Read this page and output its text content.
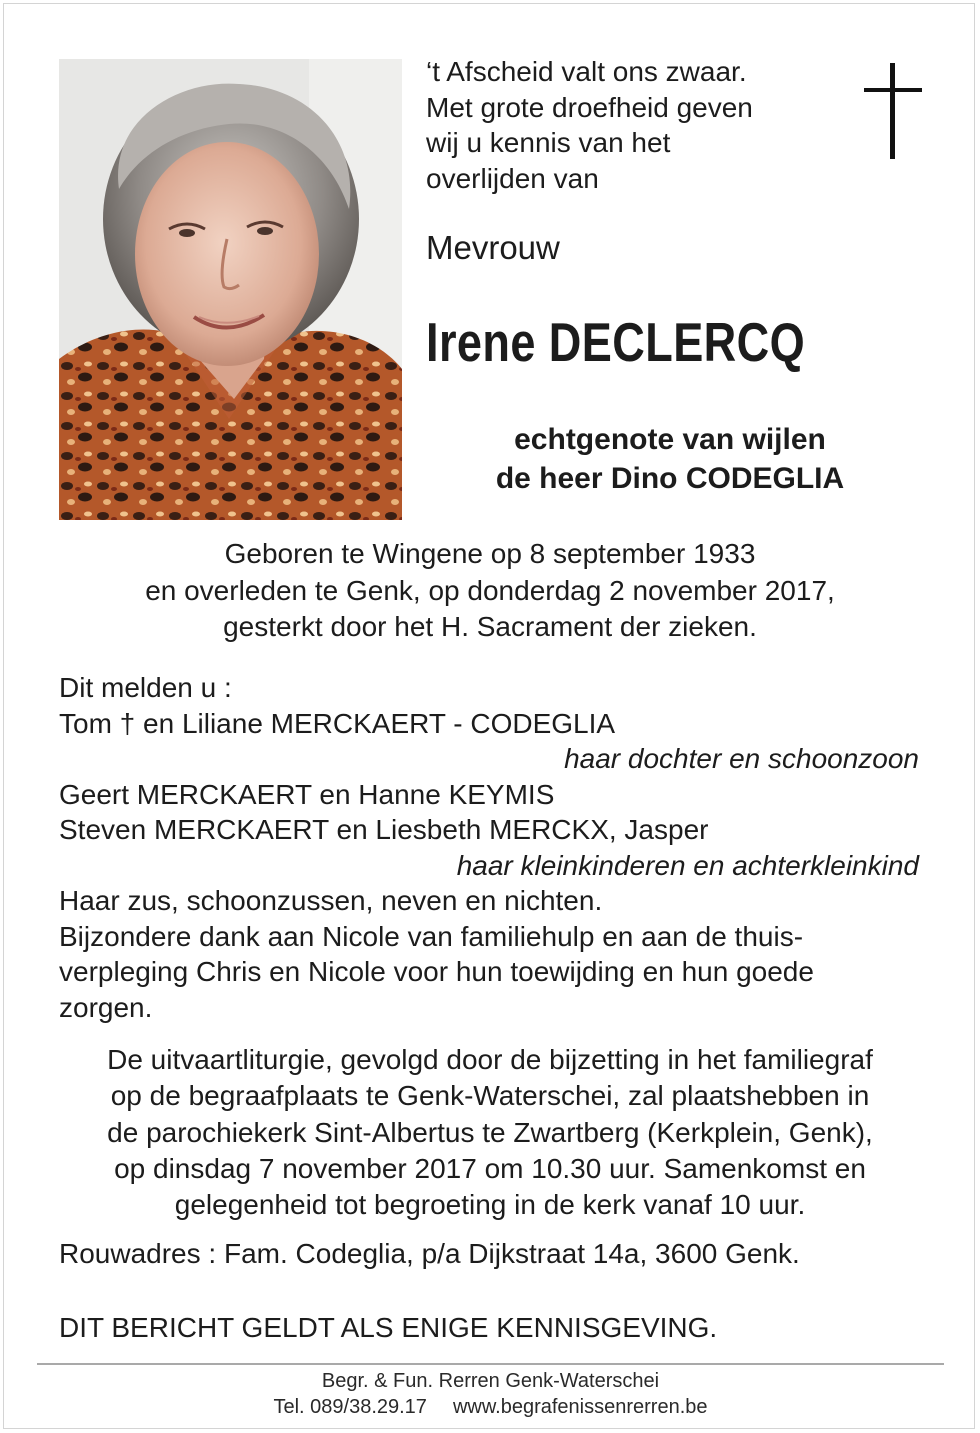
‘t Afscheid valt ons zwaar.
Met grote droefheid geven
wij u kennis van het
overlijden van
Mevrouw
Irene DECLERCQ
echtgenote van wijlen
de heer Dino CODEGLIA
Geboren te Wingene op 8 september 1933
en overleden te Genk, op donderdag 2 november 2017,
gesterkt door het H. Sacrament der zieken.
Dit melden u :
Tom † en Liliane MERCKAERT - CODEGLIA
haar dochter en schoonzoon
Geert MERCKAERT en Hanne KEYMIS
Steven MERCKAERT en Liesbeth MERCKX, Jasper
haar kleinkinderen en achterkleinkind
Haar zus, schoonzussen, neven en nichten.
Bijzondere dank aan Nicole van familiehulp en aan de thuis-
verpleging Chris en Nicole voor hun toewijding en hun goede
zorgen.
De uitvaartliturgie, gevolgd door de bijzetting in het familiegraf
op de begraafplaats te Genk-Waterschei, zal plaatshebben in
de parochiekerk Sint-Albertus te Zwartberg (Kerkplein, Genk),
op dinsdag 7 november 2017 om 10.30 uur. Samenkomst en
gelegenheid tot begroeting in de kerk vanaf 10 uur.
Rouwadres : Fam. Codeglia, p/a Dijkstraat 14a, 3600 Genk.
DIT BERICHT GELDT ALS ENIGE KENNISGEVING.
Begr. & Fun. Rerren Genk-Waterschei
Tel. 089/38.29.17 www.begrafenissenrerren.be
